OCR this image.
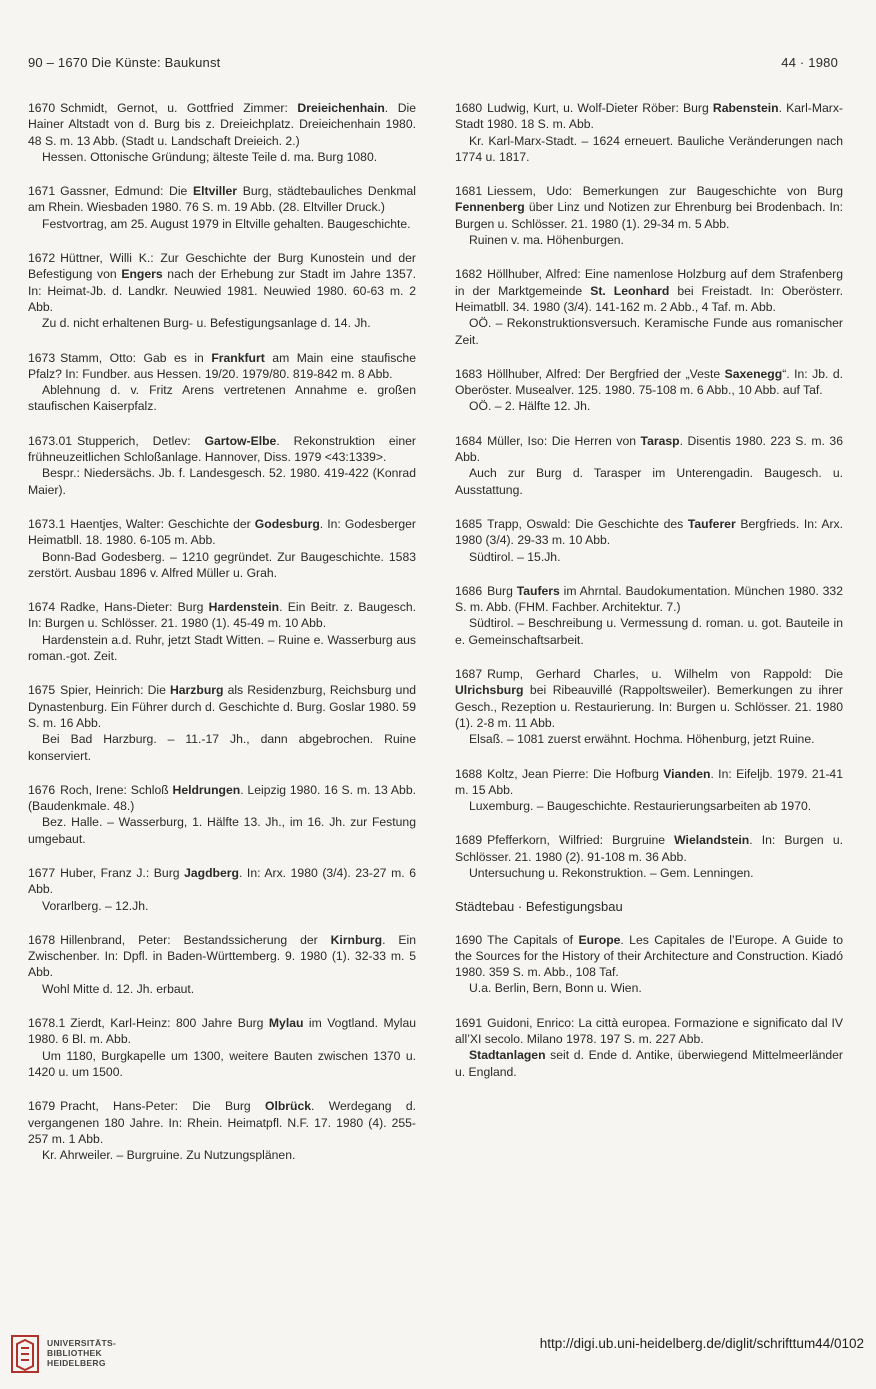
90 – 1670 Die Künste: Baukunst	44 · 1980

1670 Schmidt, Gernot, u. Gottfried Zimmer: Dreieichenhain. Die Hainer Altstadt von d. Burg bis z. Dreieichplatz. Dreieichenhain 1980. 48 S. m. 13 Abb. (Stadt u. Landschaft Dreieich. 2.)

Hessen. Ottonische Gründung; älteste Teile d. ma. Burg 1080.

1671 Gassner, Edmund: Die Eltviller Burg, städtebauliches Denkmal am Rhein. Wiesbaden 1980. 76 S. m. 19 Abb. (28. Eltviller Druck.)

Festvortrag, am 25. August 1979 in Eltville gehalten. Baugeschichte.

1672 Hüttner, Willi K.: Zur Geschichte der Burg Kunostein und der Befestigung von Engers nach der Erhebung zur Stadt im Jahre 1357. In: Heimat-Jb. d. Landkr. Neuwied 1981. Neuwied 1980. 60-63 m. 2 Abb.

Zu d. nicht erhaltenen Burg- u. Befestigungsanlage d. 14. Jh.

1673 Stamm, Otto: Gab es in Frankfurt am Main eine staufische Pfalz? In: Fundber. aus Hessen. 19/20. 1979/80. 819-842 m. 8 Abb.

Ablehnung d. v. Fritz Arens vertretenen Annahme e. großen staufischen Kaiserpfalz.

1673.01 Stupperich, Detlev: Gartow-Elbe. Rekonstruktion einer frühneuzeitlichen Schloßanlage. Hannover, Diss. 1979 <43:1339>.

Bespr.: Niedersächs. Jb. f. Landesgesch. 52. 1980. 419-422 (Konrad Maier).

1673.1 Haentjes, Walter: Geschichte der Godesburg. In: Godesberger Heimatbll. 18. 1980. 6-105 m. Abb.

Bonn-Bad Godesberg. – 1210 gegründet. Zur Baugeschichte. 1583 zerstört. Ausbau 1896 v. Alfred Müller u. Grah.

1674 Radke, Hans-Dieter: Burg Hardenstein. Ein Beitr. z. Baugesch. In: Burgen u. Schlösser. 21. 1980 (1). 45-49 m. 10 Abb.

Hardenstein a.d. Ruhr, jetzt Stadt Witten. – Ruine e. Wasserburg aus roman.-got. Zeit.

1675 Spier, Heinrich: Die Harzburg als Residenzburg, Reichsburg und Dynastenburg. Ein Führer durch d. Geschichte d. Burg. Goslar 1980. 59 S. m. 16 Abb.

Bei Bad Harzburg. – 11.-17 Jh., dann abgebrochen. Ruine konserviert.

1676 Roch, Irene: Schloß Heldrungen. Leipzig 1980. 16 S. m. 13 Abb. (Baudenkmale. 48.)

Bez. Halle. – Wasserburg, 1. Hälfte 13. Jh., im 16. Jh. zur Festung umgebaut.

1677 Huber, Franz J.: Burg Jagdberg. In: Arx. 1980 (3/4). 23-27 m. 6 Abb.

Vorarlberg. – 12.Jh.

1678 Hillenbrand, Peter: Bestandssicherung der Kirnburg. Ein Zwischenber. In: Dpfl. in Baden-Württemberg. 9. 1980 (1). 32-33 m. 5 Abb.

Wohl Mitte d. 12. Jh. erbaut.

1678.1 Zierdt, Karl-Heinz: 800 Jahre Burg Mylau im Vogtland. Mylau 1980. 6 Bl. m. Abb.

Um 1180, Burgkapelle um 1300, weitere Bauten zwischen 1370 u. 1420 u. um 1500.

1679 Pracht, Hans-Peter: Die Burg Olbrück. Werdegang d. vergangenen 180 Jahre. In: Rhein. Heimatpfl. N.F. 17. 1980 (4). 255-257 m. 1 Abb.

Kr. Ahrweiler. – Burgruine. Zu Nutzungsplänen.

1680 Ludwig, Kurt, u. Wolf-Dieter Röber: Burg Rabenstein. Karl-Marx-Stadt 1980. 18 S. m. Abb.

Kr. Karl-Marx-Stadt. – 1624 erneuert. Bauliche Veränderungen nach 1774 u. 1817.

1681 Liessem, Udo: Bemerkungen zur Baugeschichte von Burg Fennenberg über Linz und Notizen zur Ehrenburg bei Brodenbach. In: Burgen u. Schlösser. 21. 1980 (1). 29-34 m. 5 Abb.

Ruinen v. ma. Höhenburgen.

1682 Höllhuber, Alfred: Eine namenlose Holzburg auf dem Strafenberg in der Marktgemeinde St. Leonhard bei Freistadt. In: Oberösterr. Heimatbll. 34. 1980 (3/4). 141-162 m. 2 Abb., 4 Taf. m. Abb.

OÖ. – Rekonstruktionsversuch. Keramische Funde aus romanischer Zeit.

1683 Höllhuber, Alfred: Der Bergfried der „Veste Saxenegg“. In: Jb. d. Oberöster. Musealver. 125. 1980. 75-108 m. 6 Abb., 10 Abb. auf Taf.

OÖ. – 2. Hälfte 12. Jh.

1684 Müller, Iso: Die Herren von Tarasp. Disentis 1980. 223 S. m. 36 Abb.

Auch zur Burg d. Tarasper im Unterengadin. Baugesch. u. Ausstattung.

1685 Trapp, Oswald: Die Geschichte des Tauferer Bergfrieds. In: Arx. 1980 (3/4). 29-33 m. 10 Abb.

Südtirol. – 15.Jh.

1686 Burg Taufers im Ahrntal. Baudokumentation. München 1980. 332 S. m. Abb. (FHM. Fachber. Architektur. 7.)

Südtirol. – Beschreibung u. Vermessung d. roman. u. got. Bauteile in e. Gemeinschaftsarbeit.

1687 Rump, Gerhard Charles, u. Wilhelm von Rappold: Die Ulrichsburg bei Ribeauvillé (Rappoltsweiler). Bemerkungen zu ihrer Gesch., Rezeption u. Restaurierung. In: Burgen u. Schlösser. 21. 1980 (1). 2-8 m. 11 Abb.

Elsaß. – 1081 zuerst erwähnt. Hochma. Höhenburg, jetzt Ruine.

1688 Koltz, Jean Pierre: Die Hofburg Vianden. In: Eifeljb. 1979. 21-41 m. 15 Abb.

Luxemburg. – Baugeschichte. Restaurierungsarbeiten ab 1970.

1689 Pfefferkorn, Wilfried: Burgruine Wielandstein. In: Burgen u. Schlösser. 21. 1980 (2). 91-108 m. 36 Abb.

Untersuchung u. Rekonstruktion. – Gem. Lenningen.

Städtebau · Befestigungsbau

1690 The Capitals of Europe. Les Capitales de l’Europe. A Guide to the Sources for the History of their Architecture and Construction. Kiadó 1980. 359 S. m. Abb., 108 Taf.

U.a. Berlin, Bern, Bonn u. Wien.

1691 Guidoni, Enrico: La città europea. Formazione e significato dal IV all’XI secolo. Milano 1978. 197 S. m. 227 Abb.

Stadtanlagen seit d. Ende d. Antike, überwiegend Mittelmeerländer u. England.

UNIVERSITÄTS-
BIBLIOTHEK
HEIDELBERG
http://digi.ub.uni-heidelberg.de/diglit/schrifttum44/0102
